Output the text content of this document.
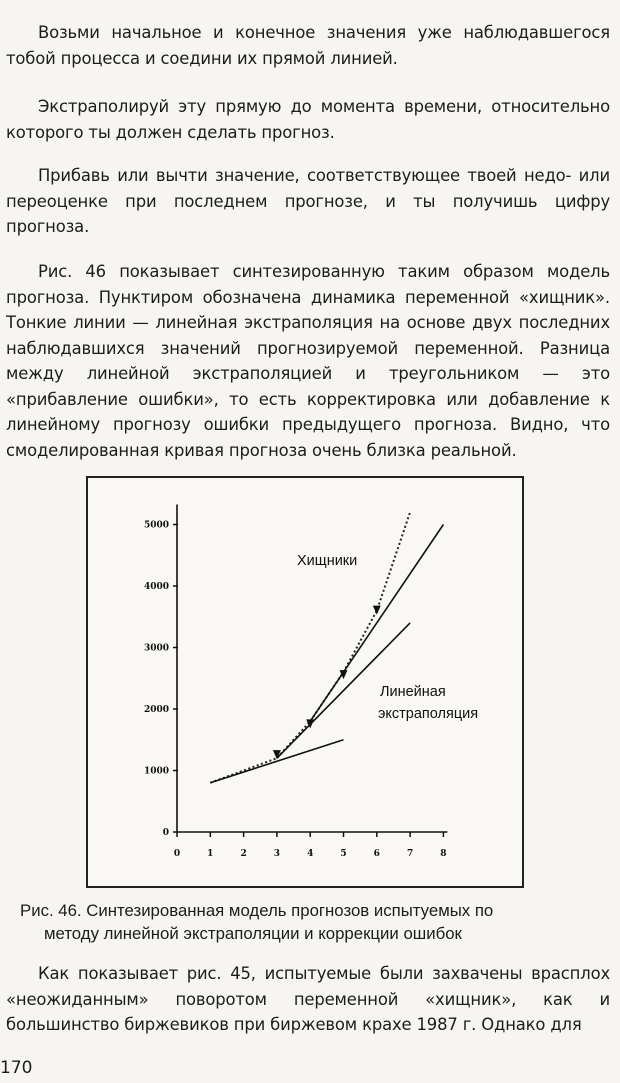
Возьми начальное и конечное значения уже наблюдавшегося тобой процесса и соедини их прямой линией.

Экстраполируй эту прямую до момента времени, относительно которого ты должен сделать прогноз.

Прибавь или вычти значение, соответствующее твоей недо- или переоценке при последнем прогнозе, и ты получишь цифру прогноза.

Рис. 46 показывает синтезированную таким образом модель прогноза. Пунктиром обозначена динамика переменной «хищник». Тонкие линии — линейная экстраполяция на основе двух последних наблюдавшихся значений прогнозируемой переменной. Разница между линейной экстраполяцией и треугольником — это «прибавление ошибки», то есть корректировка или добавление к линейному прогнозу ошибки предыдущего прогноза. Видно, что смоделированная кривая прогноза очень близка реальной.

0
1000
2000
3000
4000
5000
0	1	2	3	4	5	6	7	8
Хищники
Линейная
экстраполяция

Рис. 46. Синтезированная модель прогнозов испытуемых по
методу линейной экстраполяции и коррекции ошибок

Как показывает рис. 45, испытуемые были захвачены врасплох «неожиданным» поворотом переменной «хищник», как и большинство биржевиков при биржевом крахе 1987 г. Однако для

170
